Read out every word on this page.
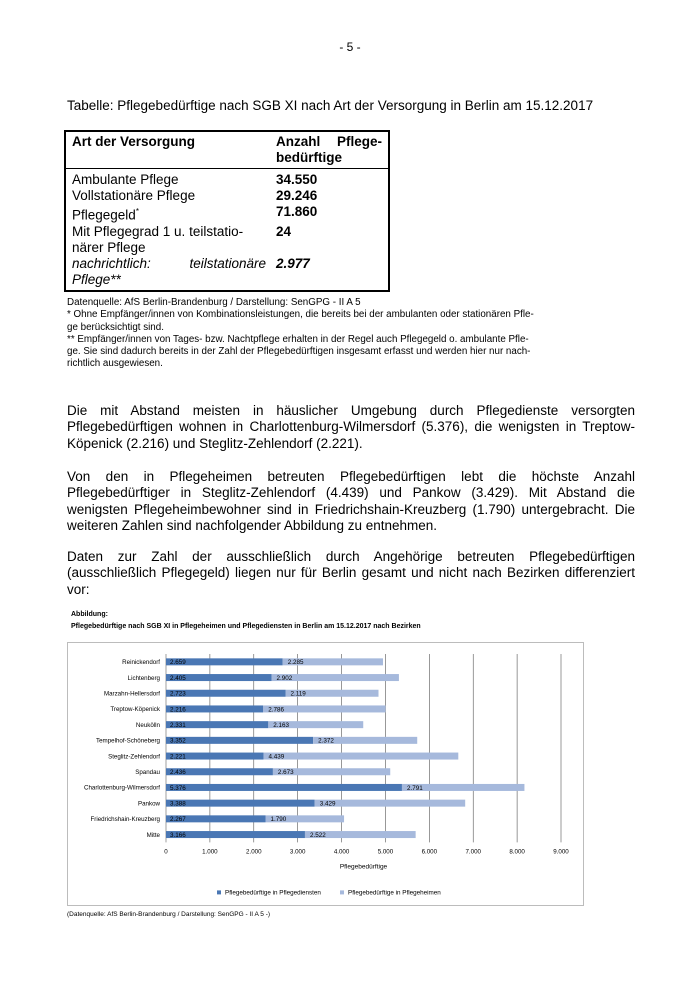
- 5 -
Tabelle: Pflegebedürftige nach SGB XI nach Art der Versorgung in Berlin am 15.12.2017
Art der Versorgung	Anzahl Pflege-
bedürftige

Ambulante Pflege	34.550
Vollstationäre Pflege	29.246
Pflegegeld*	71.860

Mit Pflegegrad 1 u. teilstatio-
närer Pflege	24

nachrichtlich: teilstationäre
Pflege**	2.977

Datenquelle: AfS Berlin-Brandenburg / Darstellung: SenGPG - II A 5

* Ohne Empfänger/innen von Kombinationsleistungen, die bereits bei der ambulanten oder stationären Pfle-

ge berücksichtigt sind.

** Empfänger/innen von Tages- bzw. Nachtpflege erhalten in der Regel auch Pflegegeld o. ambulante Pfle-

ge. Sie sind dadurch bereits in der Zahl der Pflegebedürftigen insgesamt erfasst und werden hier nur nach-

richtlich ausgewiesen.

Die mit Abstand meisten in häuslicher Umgebung durch Pflegedienste versorgten Pflegebedürftigen wohnen in Charlottenburg-Wilmersdorf (5.376), die wenigsten in Treptow-Köpenick (2.216) und Steglitz-Zehlendorf (2.221).

Von den in Pflegeheimen betreuten Pflegebedürftigen lebt die höchste Anzahl Pflegebedürftiger in Steglitz-Zehlendorf (4.439) und Pankow (3.429). Mit Abstand die wenigsten Pflegeheimbewohner sind in Friedrichshain-Kreuzberg (1.790) untergebracht. Die weiteren Zahlen sind nachfolgender Abbildung zu entnehmen.

Daten zur Zahl der ausschließlich durch Angehörige betreuten Pflegebedürftigen (ausschließlich Pflegegeld) liegen nur für Berlin gesamt und nicht nach Bezirken differenziert vor:

Abbildung:
Pflegebedürftige nach SGB XI in Pflegeheimen und Pflegediensten in Berlin am 15.12.2017 nach Bezirken
2.659	2.285
Reinickendorf
2.405	2.902
Lichtenberg
2.723	2.119
Marzahn-Hellersdorf
2.216	2.786
Treptow-Köpenick
2.331	2.163
Neukölln
3.352	2.372
Tempelhof-Schöneberg
2.221	4.439
Steglitz-Zehlendorf
2.436	2.673
Spandau
5.376	2.791
Charlottenburg-Wilmersdorf
3.388	3.429
Pankow
2.267	1.790
Friedrichshain-Kreuzberg
3.166	2.522
Mitte
0	1.000	2.000	3.000	4.000	5.000	6.000	7.000	8.000	9.000
Pflegebedürftige
Pflegebedürftige in Pflegediensten	Pflegebedürftige in Pflegeheimen
(Datenquelle: AfS Berlin-Brandenburg / Darstellung: SenGPG - II A 5 -)
